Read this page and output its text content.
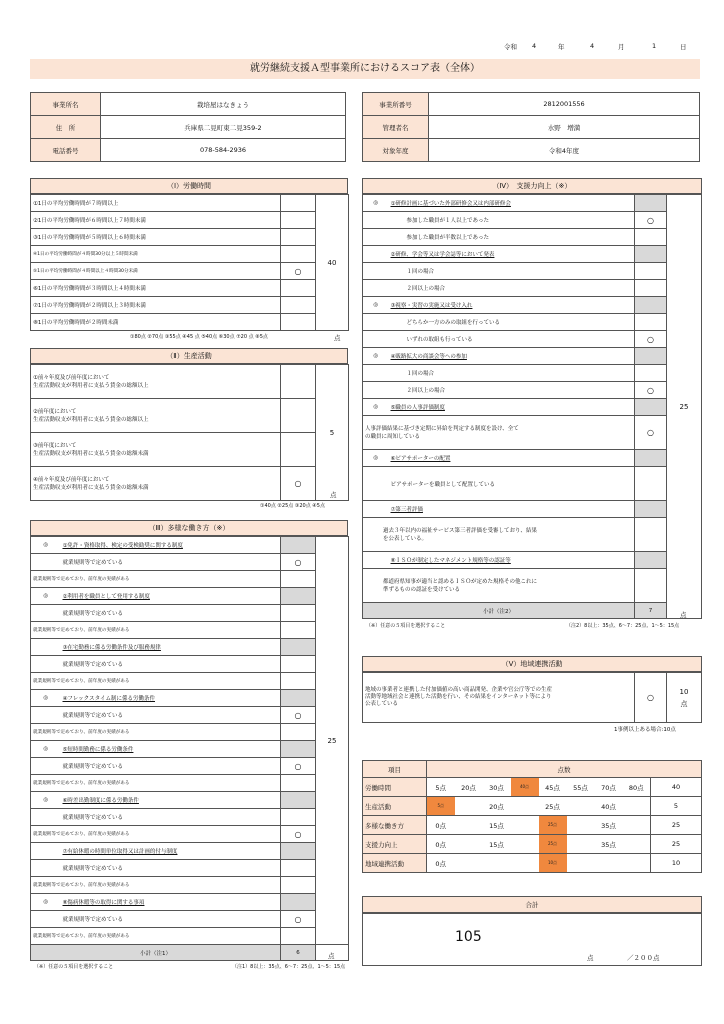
令和 4	年	4	月	1	日
就労継続支援Ａ型事業所におけるスコア表（全体）
事業所名	栽培屋はなきょう
住　所	兵庫県二見町東二見359-2
電話番号	078-584-2936
事業所番号	2812001556
管理者名	水野　増満
対象年度	令和4年度
（Ⅰ）労働時間
①1日の平均労働時間が７時間以上		40
②1日の平均労働時間が６時間以上７時間未満		
③1日の平均労働時間が５時間以上６時間未満		
④1日の平均労働時間が４時間30分以上５時間未満		
⑤1日の平均労働時間が４時間以上４時間30分未満	○	
⑥1日の平均労働時間が３時間以上４時間未満		
⑦1日の平均労働時間が２時間以上３時間未満		
⑧1日の平均労働時間が２時間未満		
点
①80点 ②70点 ③55点 ④45 点 ⑤40点 ⑥30点 ⑦20 点 ⑧5点
（Ⅱ）生産活動
①前々年度及び前年度において
生産活動収支が利用者に支払う賃金の総額以上		5
②前年度において
生産活動収支が利用者に支払う賃金の総額以上		
③前年度において
生産活動収支が利用者に支払う賃金の総額未満		
④前々年度及び前年度において
生産活動収支が利用者に支払う賃金の総額未満	○	
点
①40点 ②25点 ③20点 ④5点
（Ⅲ）多様な働き方（※）
◎	①免許・資格取得、検定の受検勧奨に関する制度		25
	就業規則等で定めている	○	
就業規則等で定めており、前年度の実績がある			
◎	②利用者を職員として登用する制度		
	就業規則等で定めている		
就業規則等で定めており、前年度の実績がある			
	③在宅勤務に係る労働条件及び服務規律		
	就業規則等で定めている		
就業規則等で定めており、前年度の実績がある			
◎	④フレックスタイム制に係る労働条件		
	就業規則等で定めている	○	
就業規則等で定めており、前年度の実績がある			
◎	⑤短時間勤務に係る労働条件		
	就業規則等で定めている	○	
就業規則等で定めており、前年度の実績がある			
◎	⑥時差出勤制度に係る労働条件		
	就業規則等で定めている		
就業規則等で定めており、前年度の実績がある		○	
	⑦有給休暇の時間単位取得又は計画的付与制度		
	就業規則等で定めている		
就業規則等で定めており、前年度の実績がある			
◎	⑧傷病休暇等の取得に関する事項		
	就業規則等で定めている	○	
就業規則等で定めており、前年度の実績がある			
小計（注1）		6		点
（※）任意の５項目を選択すること	（注1）8以上：35点、6～7：25点、1～5：15点
（Ⅳ）　支援力向上（※）
◎	①研修計画に基づいた外部研修会又は内部研修会		25	
	参加した職員が１人以上であった	○		
	参加した職員が半数以上であった			
	②研修、学会等又は学会誌等において発表			
	１回の場合			
	２回以上の場合			
◎	③視察・実習の実施又は受け入れ			
	どちらか一方のみの取組を行っている			
	いずれの取組も行っている	○		
◎	④販路拡大の商談会等への参加			
	１回の場合			
	２回以上の場合	○		
◎	⑤職員の人事評価制度			
人事評価結果に基づき定期に昇給を判定する制度を設け、全て
の職員に周知している		○		
◎	⑥ピアサポーターの配置			
	ピアサポーターを職員として配置している			
	⑦第三者評価			
過去３年以内の福祉サービス第三者評価を受審しており、結果
を公表している。				
	⑧ＩＳＯが制定したマネジメント規格等の認証等			
都道府県知事が適当と認めるＩＳＯが定めた規格その他これに
準ずるものの認証を受けている				
小計（注2）		7		
点
（※）任意の５項目を選択すること	（注2）8以上：35点、6～7：25点、1～5：15点
（Ⅴ）地域連携活動
地域の事業者と連携した付加価値の高い商品開発、企業や官公庁等での生産
活動等地域社会と連携した活動を行い、その結果をインターネット等により
公表している	○	10
点
1事例以上ある場合:10点
項目	点数								
労働時間	5点	20点	30点	40点	45点	55点	70点	80点	40
生産活動	5点		20点		25点		40点		5
多様な働き方	0点		15点		25点		35点		25
支援力向上	0点		15点		25点		35点		25
地域連携活動	0点				10点				10
合計
105
点	／２００点
